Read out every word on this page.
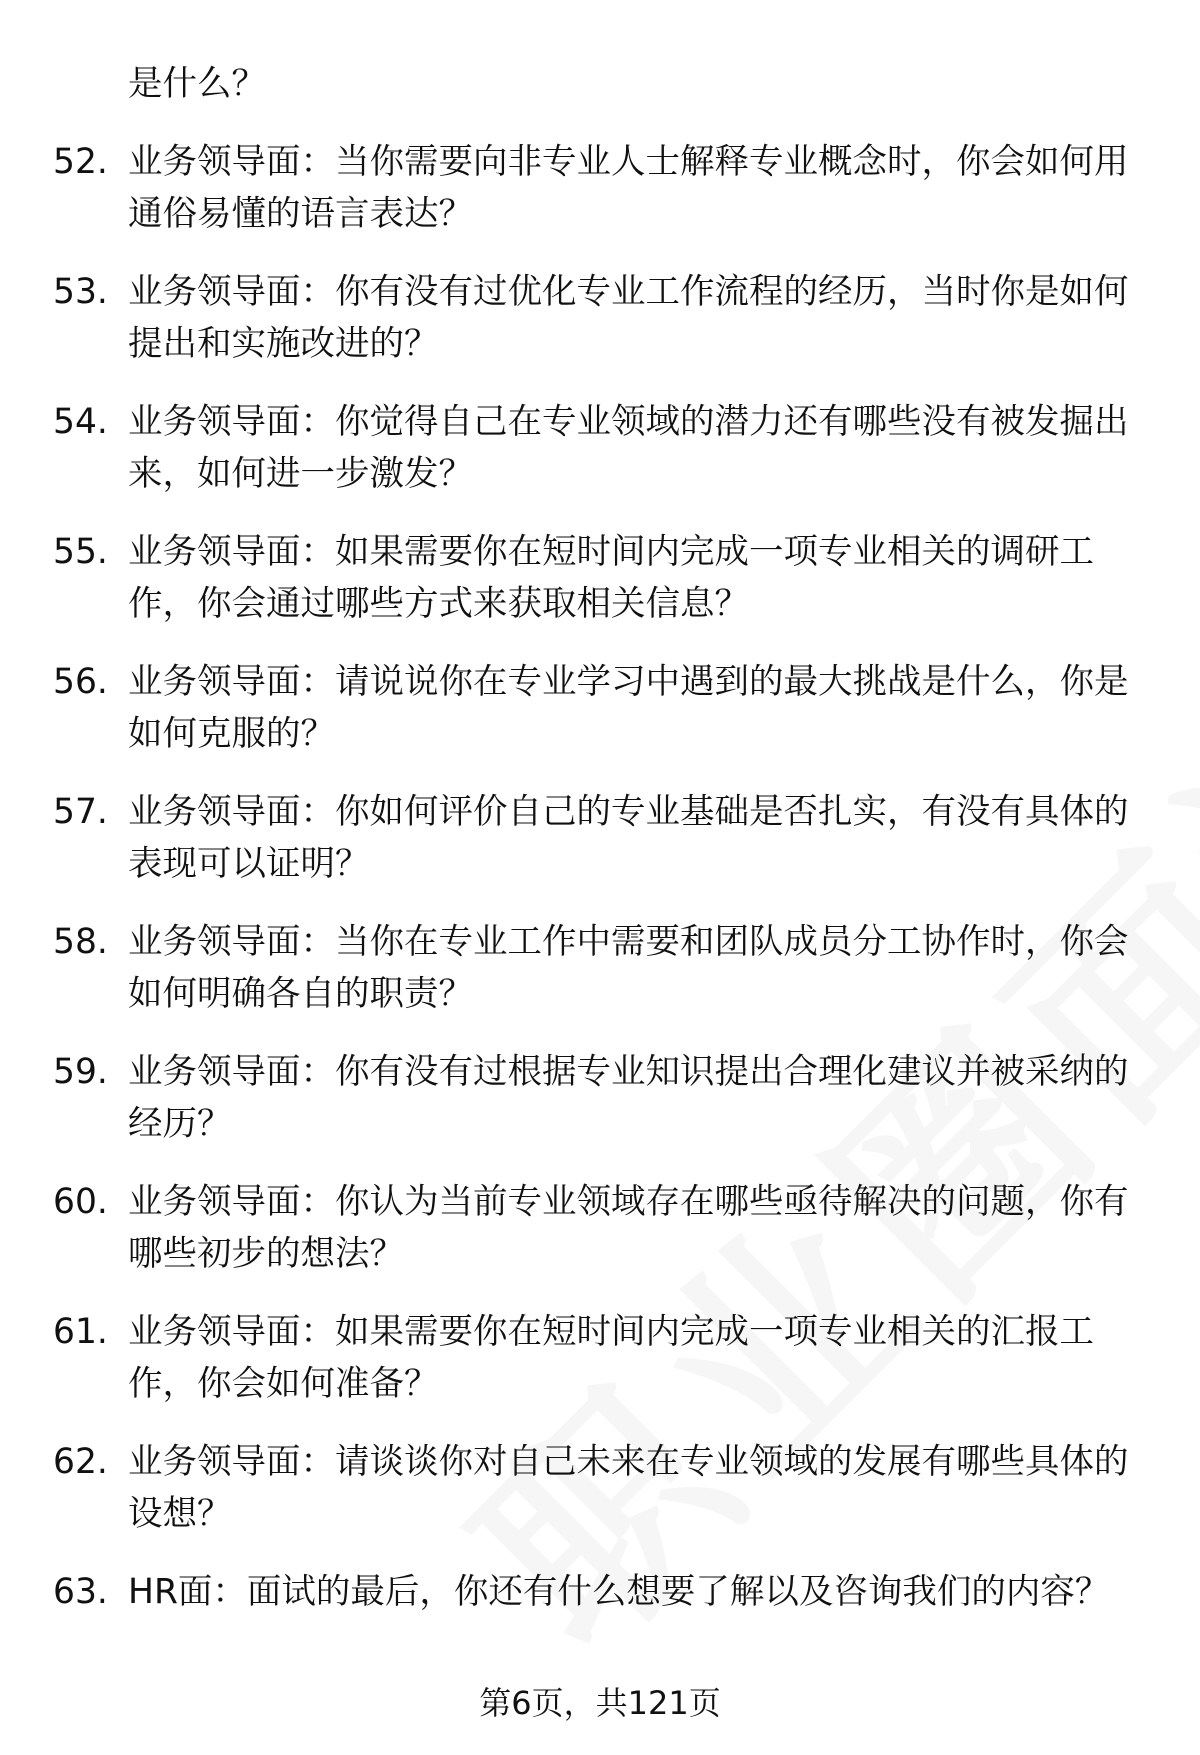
是什么？
52. 业务领导面：当你需要向非专业人士解释专业概念时，你会如何用通俗易懂的语言表达？
53. 业务领导面：你有没有过优化专业工作流程的经历，当时你是如何提出和实施改进的？
54. 业务领导面：你觉得自己在专业领域的潜力还有哪些没有被发掘出来，如何进一步激发？
55. 业务领导面：如果需要你在短时间内完成一项专业相关的调研工作，你会通过哪些方式来获取相关信息？
56. 业务领导面：请说说你在专业学习中遇到的最大挑战是什么，你是如何克服的？
57. 业务领导面：你如何评价自己的专业基础是否扎实，有没有具体的表现可以证明？
58. 业务领导面：当你在专业工作中需要和团队成员分工协作时，你会如何明确各自的职责？
59. 业务领导面：你有没有过根据专业知识提出合理化建议并被采纳的经历？
60. 业务领导面：你认为当前专业领域存在哪些亟待解决的问题，你有哪些初步的想法？
61. 业务领导面：如果需要你在短时间内完成一项专业相关的汇报工作，你会如何准备？
62. 业务领导面：请谈谈你对自己未来在专业领域的发展有哪些具体的设想？
63. HR面：面试的最后，你还有什么想要了解以及咨询我们的内容？
第6页，共121页
